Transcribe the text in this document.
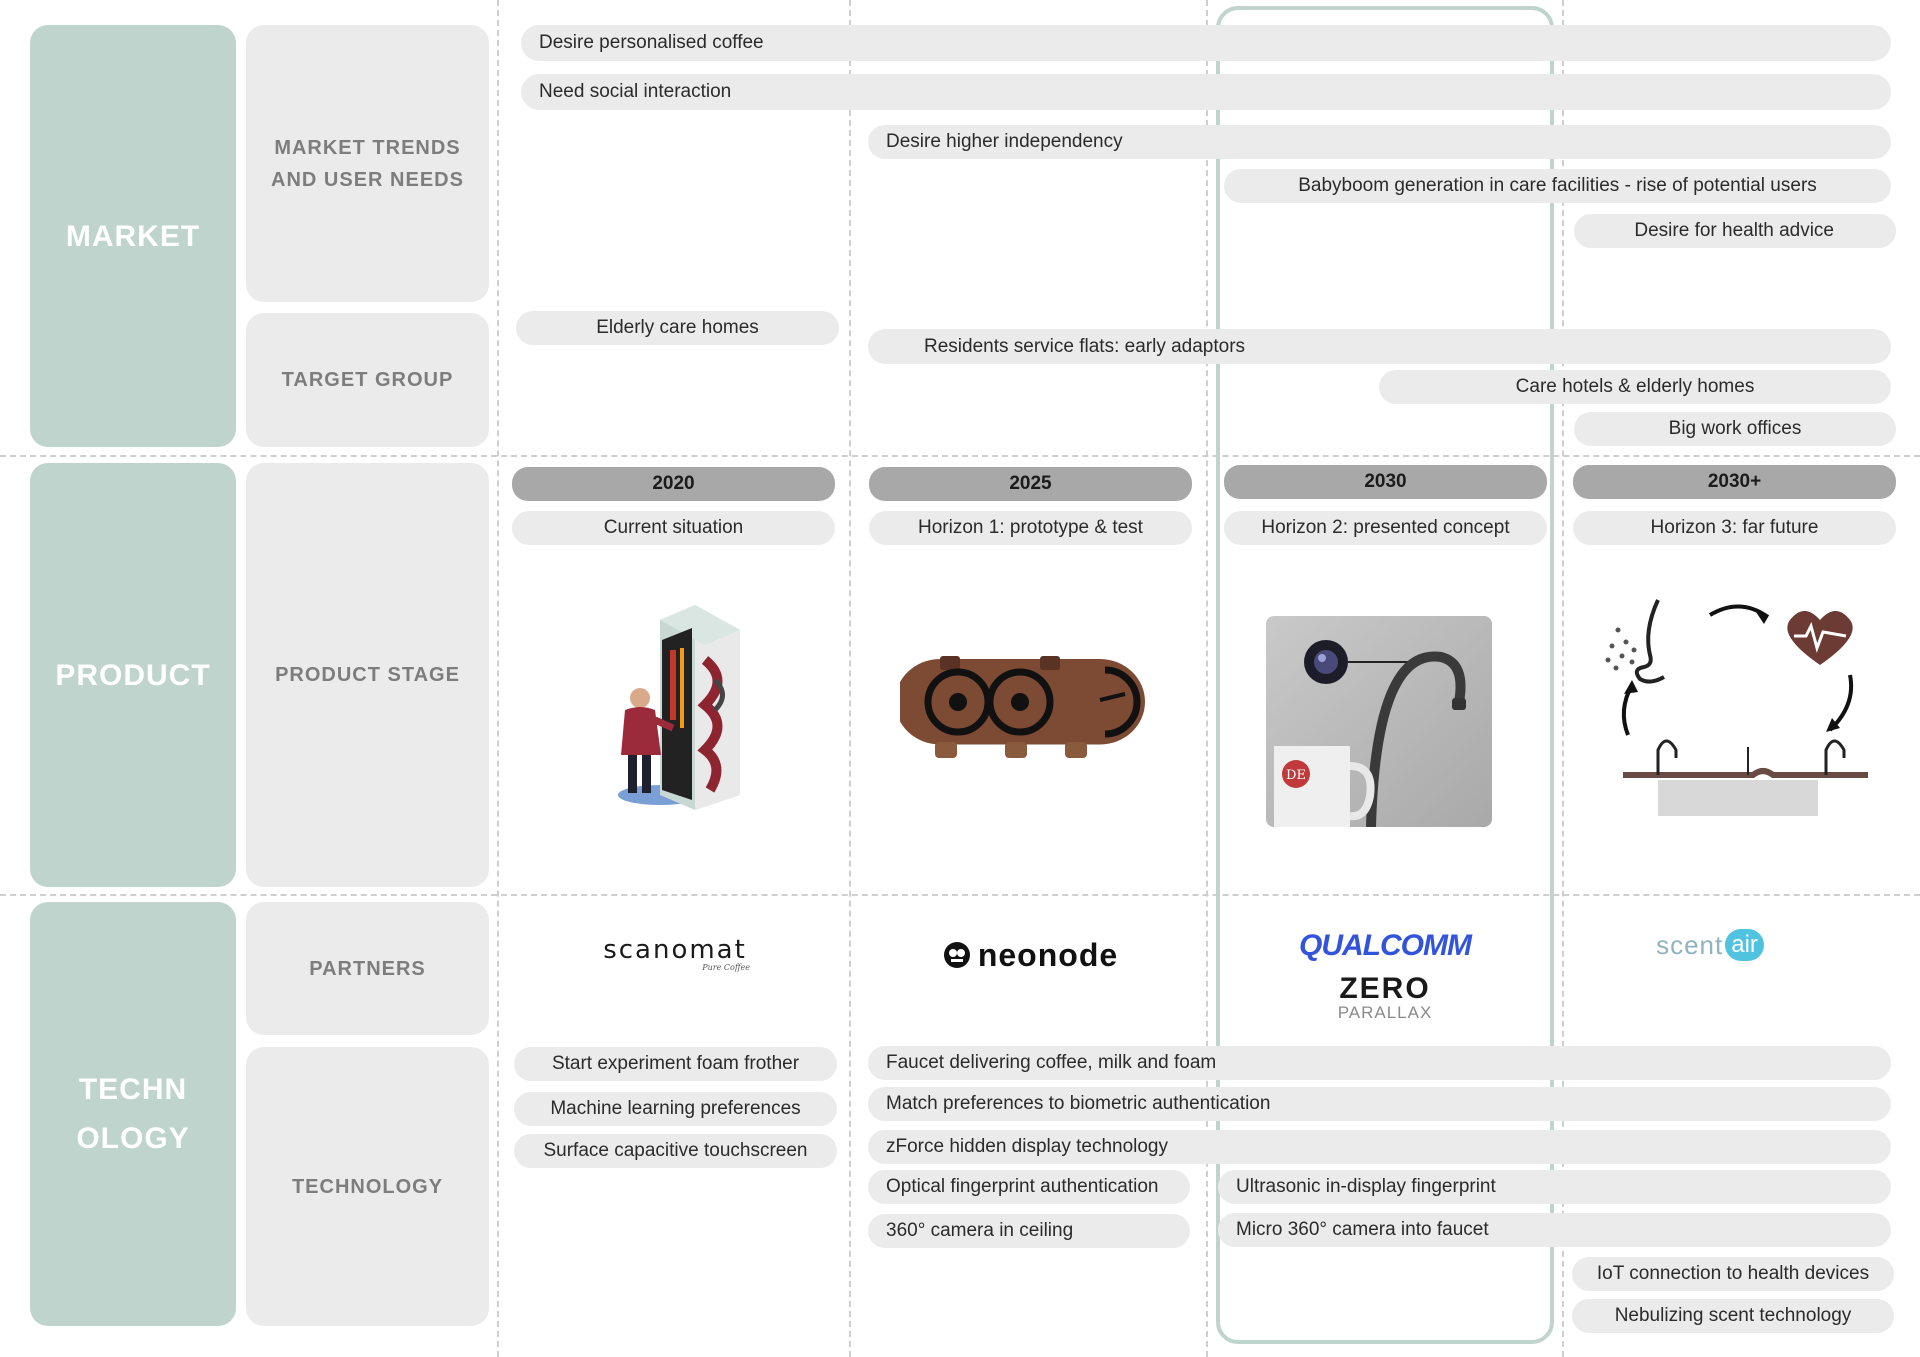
MARKET
PRODUCT
TECHN
OLOGY
MARKET TRENDS
AND USER NEEDS
TARGET GROUP
PRODUCT STAGE
PARTNERS
TECHNOLOGY
Desire personalised coffee
Need social interaction
Desire higher independency
Babyboom generation in care facilities - rise of potential users
Desire for health advice
Elderly care homes
Residents service flats: early adaptors
Care hotels & elderly homes
Big work offices
2020	2025	2030	2030+
Current situation	Horizon 1: prototype & test	Horizon 2: presented concept	Horizon 3: far future
DE
scanomat
Pure Coffee	neonode	QUALCOMM
ZERO
PARALLAX
scent air
Start experiment foam frother
Machine learning preferences
Surface capacitive touchscreen
Faucet delivering coffee, milk and foam
Match preferences to biometric authentication
zForce hidden display technology
Optical fingerprint authentication
360° camera in ceiling
Ultrasonic in-display fingerprint
Micro 360° camera into faucet
IoT connection to health devices
Nebulizing scent technology
